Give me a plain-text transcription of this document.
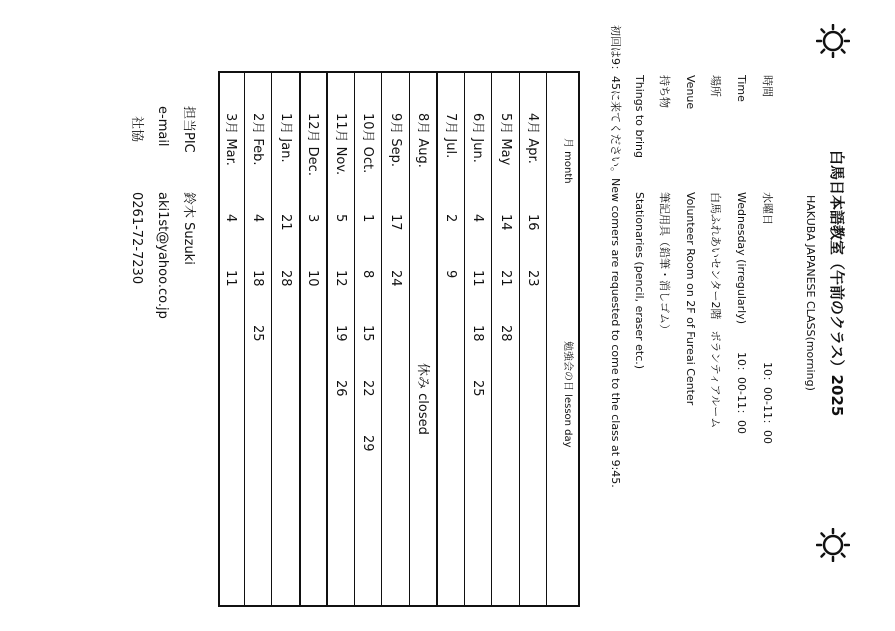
白馬日本語教室（午前のクラス）2025
HAKUBA JAPANESE CLASS(morning)
時間
Time
場所
Venue
持ち物
Things to bring
水曜日
10：00-11：00
Wednesday (irregularly)
10：00-11：00
白馬ふれあいセンター2階　ボランティアルーム
Volunteer Room on 2F of Fureai Center
筆記用具（鉛筆・消しゴム）
Stationaries (pencil, eraser etc.)
初回は9：45に来てください。New comers are requested to come to the class at 9:45.
月 month
勉強会の日 lesson day
4月 Apr.
16
23
5月 May
14
21
28
6月 Jun.
4
11
18
25
7月 Jul.
2
9
8月 Aug.
休み closed
9月 Sep.
17
24
10月 Oct.
1
8
15
22
29
11月 Nov.
5
12
19
26
12月 Dec.
3
10
1月 Jan.
21
28
2月 Feb.
4
18
25
3月 Mar.
4
11
担当PIC
鈴木 Suzuki
e-mail
aki1st@yahoo.co.jp
社協
0261-72-7230
